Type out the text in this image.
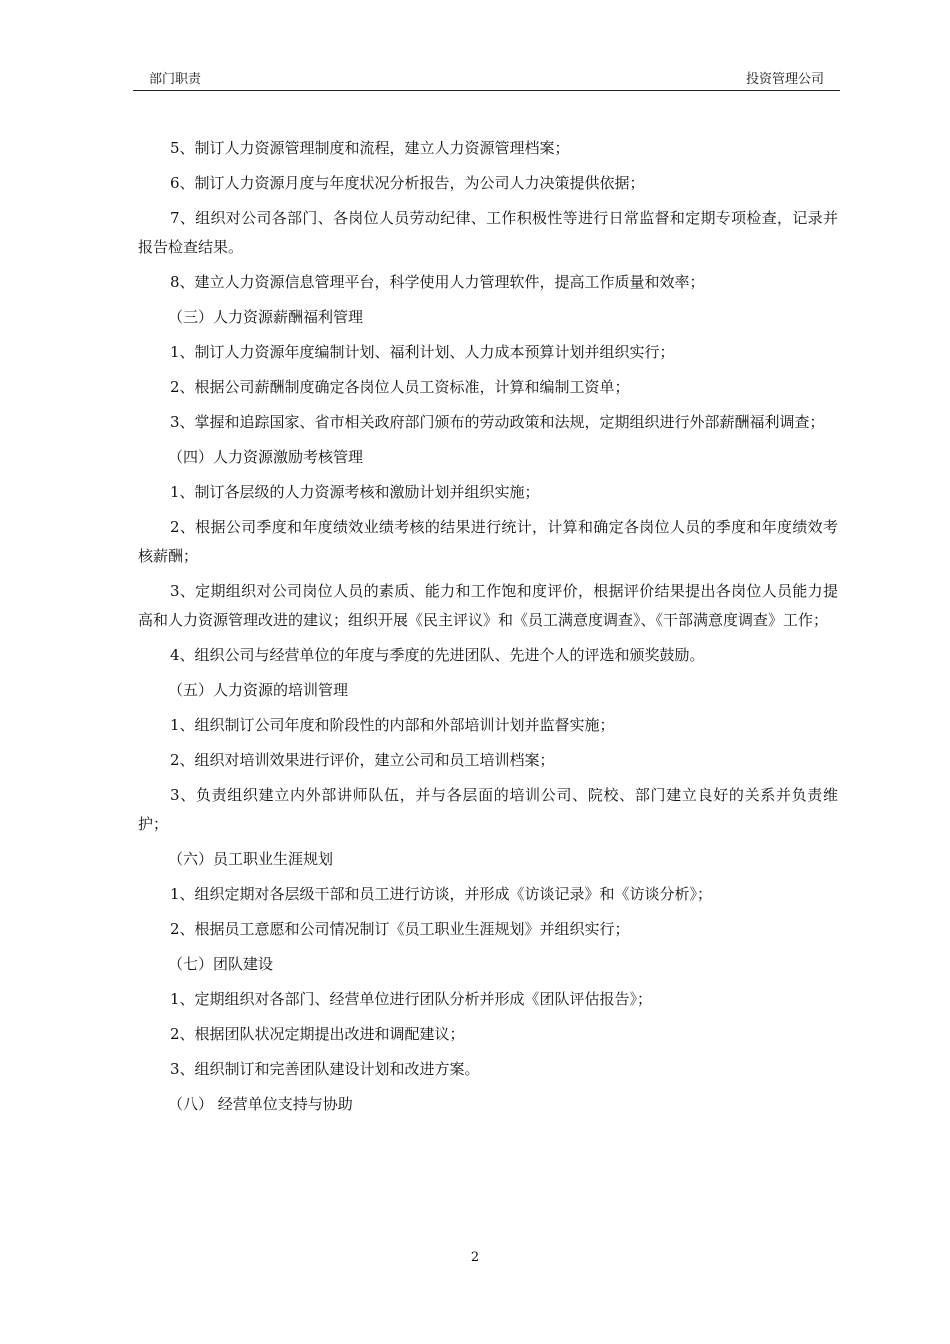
部门职责	投资管理公司

5、制订人力资源管理制度和流程，建立人力资源管理档案；

6、制订人力资源月度与年度状况分析报告，为公司人力决策提供依据；

7、组织对公司各部门、各岗位人员劳动纪律、工作积极性等进行日常监督和定期专项检查，记录并报告检查结果。

8、建立人力资源信息管理平台，科学使用人力管理软件，提高工作质量和效率；

（三）人力资源薪酬福利管理

1、制订人力资源年度编制计划、福利计划、人力成本预算计划并组织实行；

2、根据公司薪酬制度确定各岗位人员工资标准，计算和编制工资单；

3、掌握和追踪国家、省市相关政府部门颁布的劳动政策和法规，定期组织进行外部薪酬福利调查；

（四）人力资源激励考核管理

1、制订各层级的人力资源考核和激励计划并组织实施；

2、根据公司季度和年度绩效业绩考核的结果进行统计，计算和确定各岗位人员的季度和年度绩效考核薪酬；

3、定期组织对公司岗位人员的素质、能力和工作饱和度评价，根据评价结果提出各岗位人员能力提高和人力资源管理改进的建议；组织开展《民主评议》和《员工满意度调查》、《干部满意度调查》工作；

4、组织公司与经营单位的年度与季度的先进团队、先进个人的评选和颁奖鼓励。

（五）人力资源的培训管理

1、组织制订公司年度和阶段性的内部和外部培训计划并监督实施；

2、组织对培训效果进行评价，建立公司和员工培训档案；

3、负责组织建立内外部讲师队伍，并与各层面的培训公司、院校、部门建立良好的关系并负责维护；

（六）员工职业生涯规划

1、组织定期对各层级干部和员工进行访谈，并形成《访谈记录》和《访谈分析》；

2、根据员工意愿和公司情况制订《员工职业生涯规划》并组织实行；

（七）团队建设

1、定期组织对各部门、经营单位进行团队分析并形成《团队评估报告》；

2、根据团队状况定期提出改进和调配建议；

3、组织制订和完善团队建设计划和改进方案。

（八） 经营单位支持与协助

2
